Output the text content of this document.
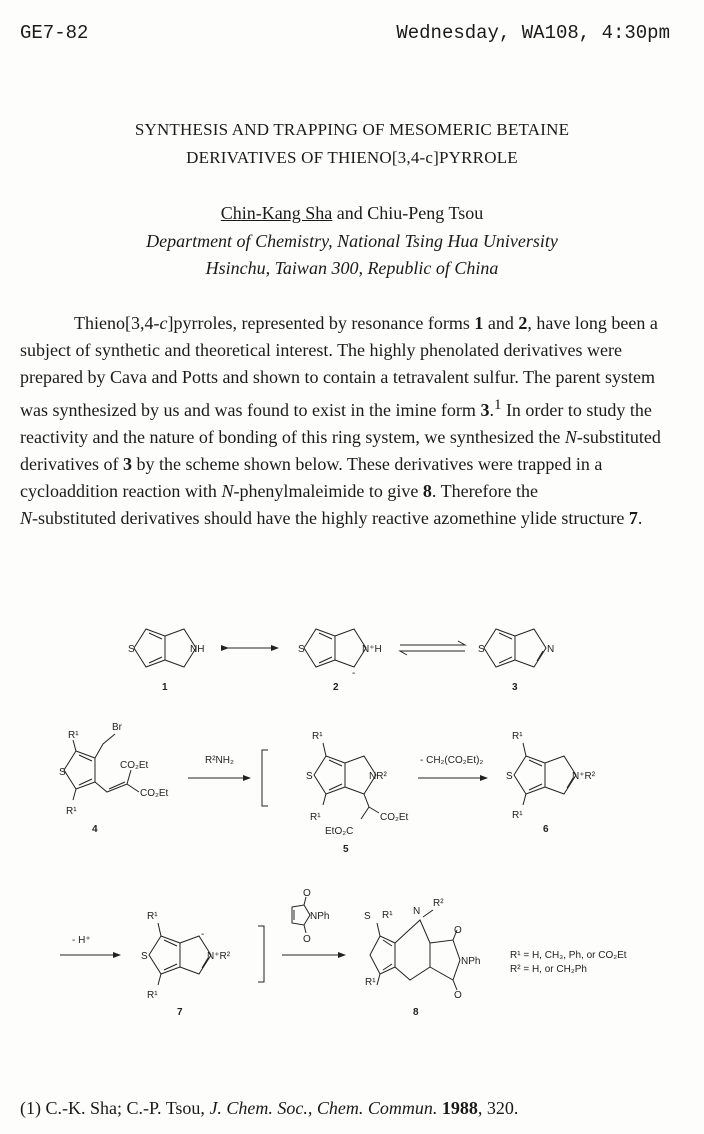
GE7-82	Wednesday, WA108, 4:30pm
SYNTHESIS AND TRAPPING OF MESOMERIC BETAINE
DERIVATIVES OF THIENO[3,4-c]PYRROLE
Chin-Kang Sha and Chiu-Peng Tsou
Department of Chemistry, National Tsing Hua University
Hsinchu, Taiwan 300, Republic of China

Thieno[3,4-c]pyrroles, represented by resonance forms 1 and 2, have long been a subject of synthetic and theoretical interest. The highly phenolated derivatives were prepared by Cava and Potts and shown to contain a tetravalent sulfur. The parent system was synthesized by us and was found to exist in the imine form 3.$^1$ In order to study the reactivity and the nature of bonding of this ring system, we synthesized the N-substituted derivatives of 3 by the scheme shown below. These derivatives were trapped in a cycloaddition reaction with N-phenylmaleimide to give 8. Therefore the
N-substituted derivatives should have the highly reactive azomethine ylide structure 7.

S	NH
1
S	N⁺H
-
2
S	N
3
R¹
Br
CO₂Et
CO₂Et
S
R¹
4
R²NH₂
R¹
S	NR²
R¹
EtO₂C
CO₂Et
5
- CH₂(CO₂Et)₂
R¹
S	N⁺R²
R¹
6
- H⁺
R¹
S	N⁺R²
-
R¹
7
O
NPh
O
S R¹ N
R²
O
NPh
O
R¹
8
R¹ = H, CH₃, Ph, or CO₂Et
R² = H, or CH₂Ph
(1) C.-K. Sha; C.-P. Tsou, J. Chem. Soc., Chem. Commun. 1988, 320.
